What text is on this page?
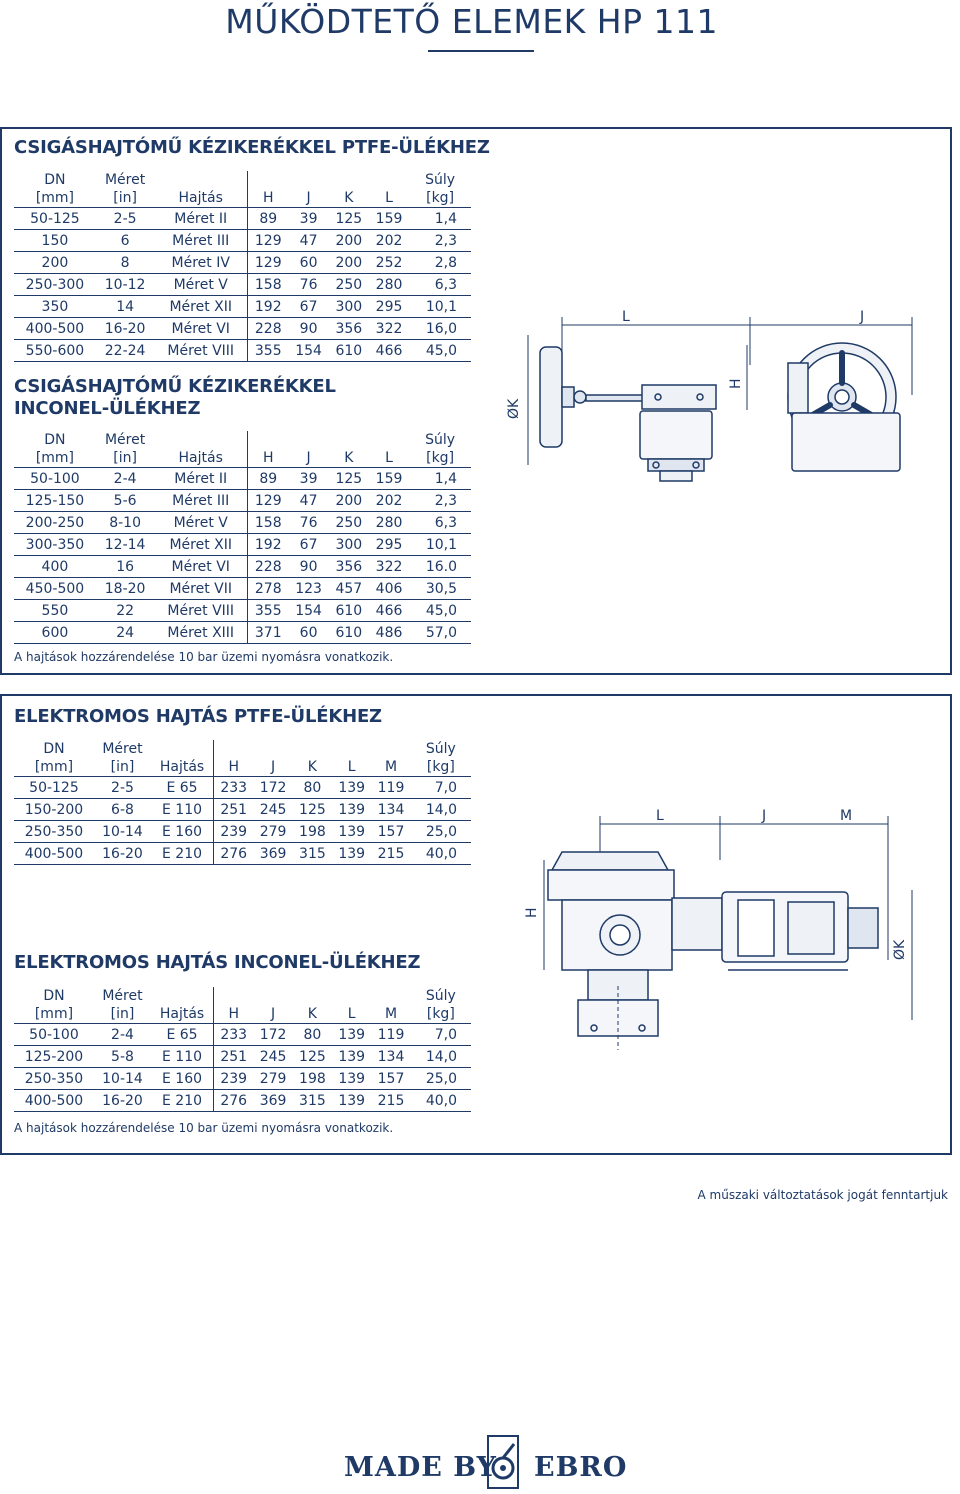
MŰKÖDTETŐ ELEMEK HP 111
CSIGÁSHAJTÓMŰ KÉZIKERÉKKEL PTFE-ÜLÉKHEZ
DN	Méret						Súly
[mm]	[in]	Hajtás	H	J	K	L	[kg]
50-125	2-5	Méret II	89	39	125	159	1,4
150	6	Méret III	129	47	200	202	2,3
200	8	Méret IV	129	60	200	252	2,8
250-300	10-12	Méret V	158	76	250	280	6,3
350	14	Méret XII	192	67	300	295	10,1
400-500	16-20	Méret VI	228	90	356	322	16,0
550-600	22-24	Méret VIII	355	154	610	466	45,0
CSIGÁSHAJTÓMŰ KÉZIKERÉKKEL
INCONEL-ÜLÉKHEZ
DN	Méret						Súly
[mm]	[in]	Hajtás	H	J	K	L	[kg]
50-100	2-4	Méret II	89	39	125	159	1,4
125-150	5-6	Méret III	129	47	200	202	2,3
200-250	8-10	Méret V	158	76	250	280	6,3
300-350	12-14	Méret XII	192	67	300	295	10,1
400	16	Méret VI	228	90	356	322	16.0
450-500	18-20	Méret VII	278	123	457	406	30,5
550	22	Méret VIII	355	154	610	466	45,0
600	24	Méret XIII	371	60	610	486	57,0

A hajtások hozzárendelése 10 bar üzemi nyomásra vonatkozik.

L	J
H
ØK
ELEKTROMOS HAJTÁS PTFE-ÜLÉKHEZ
DN	Méret							Súly
[mm]	[in]	Hajtás	H	J	K	L	M	[kg]
50-125	2-5	E 65	233	172	80	139	119	7,0
150-200	6-8	E 110	251	245	125	139	134	14,0
250-350	10-14	E 160	239	279	198	139	157	25,0
400-500	16-20	E 210	276	369	315	139	215	40,0
ELEKTROMOS HAJTÁS INCONEL-ÜLÉKHEZ
DN	Méret							Súly
[mm]	[in]	Hajtás	H	J	K	L	M	[kg]
50-100	2-4	E 65	233	172	80	139	119	7,0
125-200	5-8	E 110	251	245	125	139	134	14,0
250-350	10-14	E 160	239	279	198	139	157	25,0
400-500	16-20	E 210	276	369	315	139	215	40,0

A hajtások hozzárendelése 10 bar üzemi nyomásra vonatkozik.

L	J	M
H
ØK
A műszaki változtatások jogát fenntartjuk
MADE BY EBRO
